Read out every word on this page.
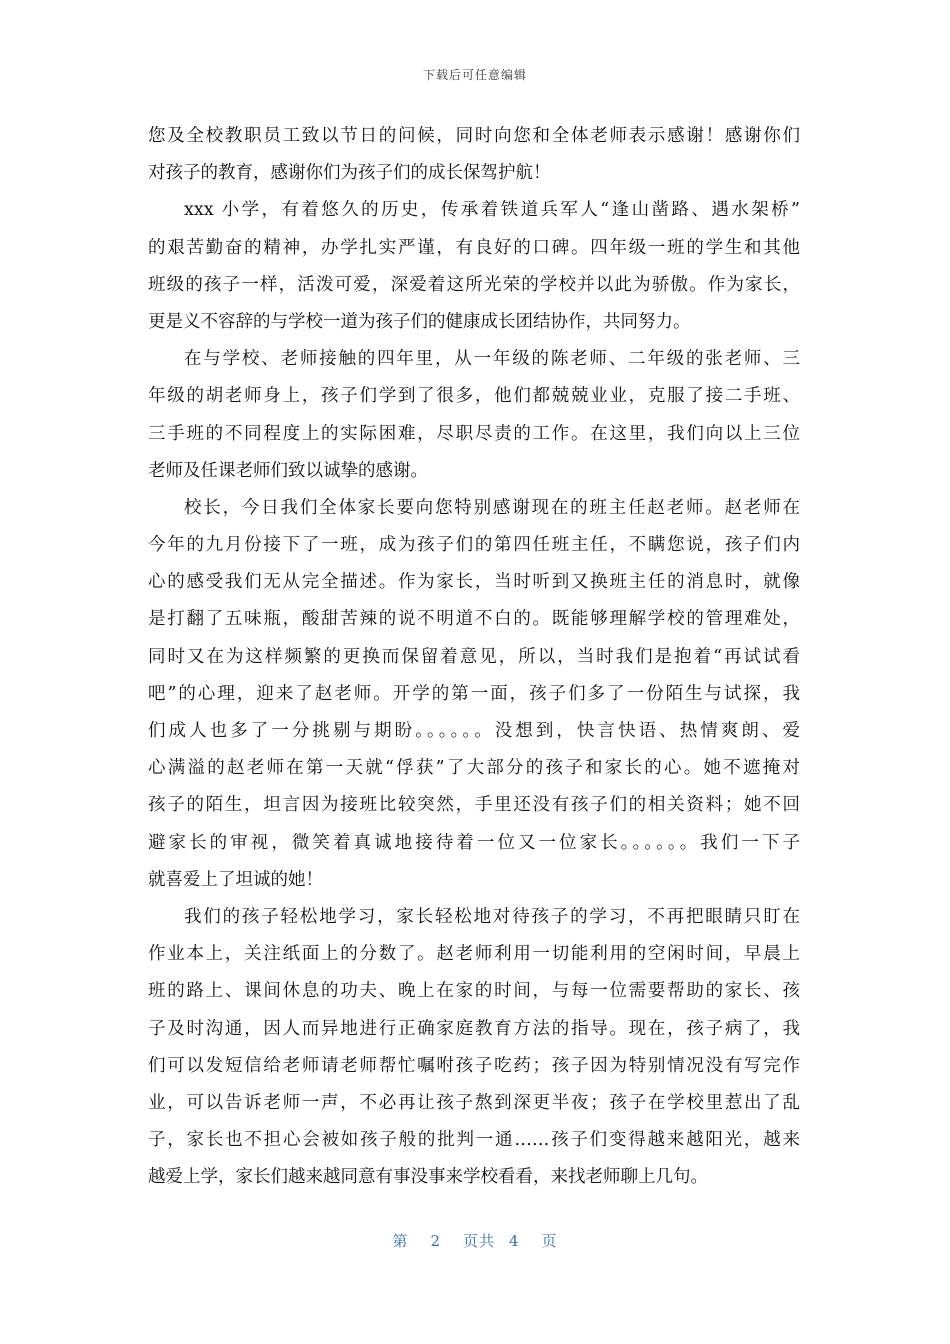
下载后可任意编辑
您及全校教职员工致以节日的问候，同时向您和全体老师表示感谢！感谢你们
对孩子的教育，感谢你们为孩子们的成长保驾护航！
xxx 小学，有着悠久的历史，传承着铁道兵军人“逢山凿路、遇水架桥”
的艰苦勤奋的精神，办学扎实严谨，有良好的口碑。四年级一班的学生和其他
班级的孩子一样，活泼可爱，深爱着这所光荣的学校并以此为骄傲。作为家长，
更是义不容辞的与学校一道为孩子们的健康成长团结协作，共同努力。
在与学校、老师接触的四年里，从一年级的陈老师、二年级的张老师、三
年级的胡老师身上，孩子们学到了很多，他们都兢兢业业，克服了接二手班、
三手班的不同程度上的实际困难，尽职尽责的工作。在这里，我们向以上三位
老师及任课老师们致以诚挚的感谢。
校长，今日我们全体家长要向您特别感谢现在的班主任赵老师。赵老师在
今年的九月份接下了一班，成为孩子们的第四任班主任，不瞒您说，孩子们内
心的感受我们无从完全描述。作为家长，当时听到又换班主任的消息时，就像
是打翻了五味瓶，酸甜苦辣的说不明道不白的。既能够理解学校的管理难处，
同时又在为这样频繁的更换而保留着意见，所以，当时我们是抱着“再试试看
吧”的心理，迎来了赵老师。开学的第一面，孩子们多了一份陌生与试探，我
们成人也多了一分挑剔与期盼。。。。。。没想到，快言快语、热情爽朗、爱
心满溢的赵老师在第一天就“俘获”了大部分的孩子和家长的心。她不遮掩对
孩子的陌生，坦言因为接班比较突然，手里还没有孩子们的相关资料；她不回
避家长的审视，微笑着真诚地接待着一位又一位家长。。。。。。我们一下子
就喜爱上了坦诚的她！
我们的孩子轻松地学习，家长轻松地对待孩子的学习，不再把眼睛只盯在
作业本上，关注纸面上的分数了。赵老师利用一切能利用的空闲时间，早晨上
班的路上、课间休息的功夫、晚上在家的时间，与每一位需要帮助的家长、孩
子及时沟通，因人而异地进行正确家庭教育方法的指导。现在，孩子病了，我
们可以发短信给老师请老师帮忙嘱咐孩子吃药；孩子因为特别情况没有写完作
业，可以告诉老师一声，不必再让孩子熬到深更半夜；孩子在学校里惹出了乱
子，家长也不担心会被如孩子般的批判一通……孩子们变得越来越阳光，越来
越爱上学，家长们越来越同意有事没事来学校看看，来找老师聊上几句。
第 2 页共 4 页
